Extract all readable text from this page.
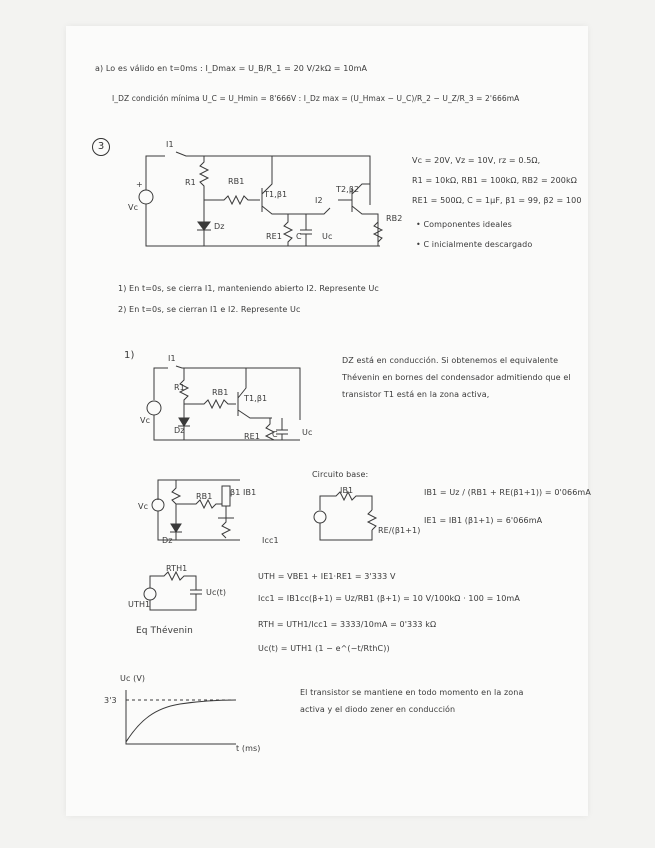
a) Lo es válido en t=0ms : I_Dmax = U_B/R_1 = 20 V/2kΩ = 10mA
I_DZ condición mínima U_C = U_Hmin = 8'666V : I_Dz max = (U_Hmax − U_C)/R_2 − U_Z/R_3 = 2'666mA
3	I1
R1	RB1
T1,β1
I2
T2,β2
RB2
RE1 C	Uc
Dz
Vc
+
Vc = 20V, Vz = 10V, rz = 0.5Ω,
R1 = 10kΩ, RB1 = 100kΩ, RB2 = 200kΩ
RE1 = 500Ω, C = 1µF, β1 = 99, β2 = 100
• Componentes ideales
• C inicialmente descargado
1) En t=0s, se cierra I1, manteniendo abierto I2. Represente Uc
2) En t=0s, se cierran I1 e I2. Represente Uc
1)	I1
R1
RB1
T1,β1
Dz
RE1 C	Uc
Vc
DZ está en conducción. Si obtenemos el equivalente Thévenin en bornes del condensador admitiendo que el transistor T1 está en la zona activa,
RB1 β1 IB1
Icc1
Dz
Vc
Circuito base:
IB1
RE/(β1+1)
IB1 = Uz / (RB1 + RE(β1+1)) = 0'066mA
IE1 = IB1 (β1+1) = 6'066mA
RTH1
UTH1
Uc(t)
Eq Thévenin
UTH = VBE1 + IE1·RE1 = 3'333 V
Icc1 = IB1cc(β+1) = Uz/RB1 (β+1) = 10 V/100kΩ · 100 = 10mA
RTH = UTH1/Icc1 = 3333/10mA = 0'333 kΩ
Uc(t) = UTH1 (1 − e^(−t/RthC))
Uc (V)
3'3
t (ms)
El transistor se mantiene en todo momento en la zona activa y el diodo zener en conducción
